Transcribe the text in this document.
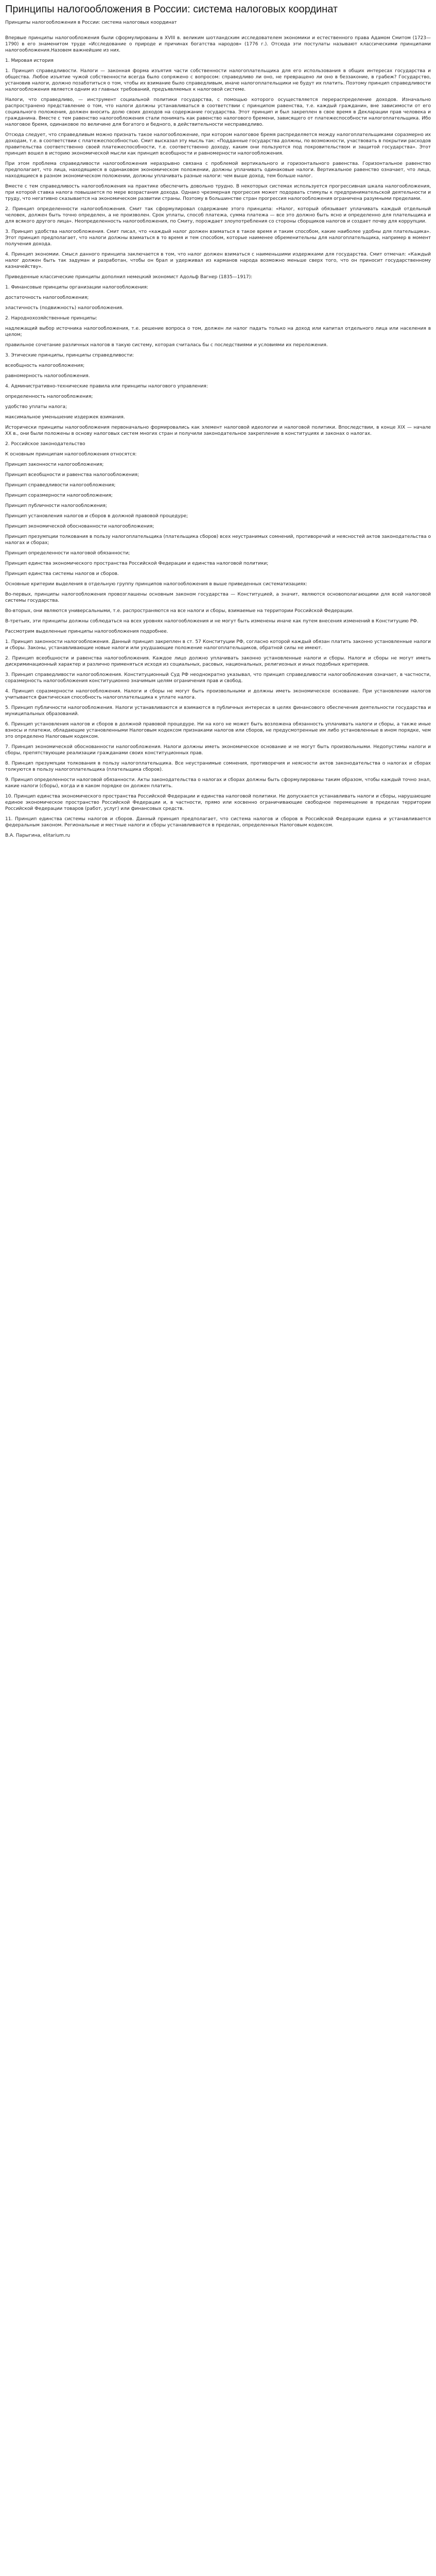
Принципы налогообложения в России: система налоговых координат
Принципы налогообложения в России: система налоговых координат

Впервые принципы налогообложения были сформулированы в XVIII в. великим шотландским исследователем экономики и естественного права Адамом Смитом (1723—1790) в его знаменитом труде «Исследование о природе и причинах богатства народов» (1776 г.). Отсюда эти постулаты называют классическими принципами налогообложения.Назовем важнейшие из них.

1. Мировая история

1. Принцип справедливости. Налоги — законная форма изъятия части собственности налогоплательщика для его использования в общих интересах государства и общества. Любое изъятие чужой собственности всегда было сопряжено с вопросом: справедливо ли оно, не превращено ли оно в беззаконие, в грабеж? Государство, установив налоги, должно позаботиться о том, чтобы их взимание было справедливым, иначе налогоплательщики не будут их платить. Поэтому принцип справедливости налогообложения является одним из главных требований, предъявляемых к налоговой системе.

Налоги, что справедливо, — инструмент социальной политики государства, с помощью которого осуществляется перераспределение доходов. Изначально распространено представление о том, что налоги должны устанавливаться в соответствии с принципом равенства, т.е. каждый гражданин, вне зависимости от его социального положения, должен вносить долю своих доходов на содержание государства. Этот принцип и был закреплен в свое время в Декларации прав человека и гражданина. Вместе с тем равенство налогообложения стали понимать как равенство налогового бремени, зависящего от платежеспособности налогоплательщика. Ибо налоговое бремя, одинаковое по величине для богатого и бедного, в действительности несправедливо.

Отсюда следует, что справедливым можно признать такое налогообложение, при котором налоговое бремя распределяется между налогоплательщиками соразмерно их доходам, т.е. в соответствии с платежеспособностью. Смит высказал эту мысль так: «Подданные государства должны, по возможности, участвовать в покрытии расходов правительства соответственно своей платежеспособности, т.е. соответственно доходу, каким они пользуются под покровительством и защитой государства». Этот принцип вошел в историю экономической мысли как принцип всеобщности и равномерности налогообложения.

При этом проблема справедливости налогообложения неразрывно связана с проблемой вертикального и горизонтального равенства. Горизонтальное равенство предполагает, что лица, находящиеся в одинаковом экономическом положении, должны уплачивать одинаковые налоги. Вертикальное равенство означает, что лица, находящиеся в разном экономическом положении, должны уплачивать разные налоги: чем выше доход, тем больше налог.

Вместе с тем справедливость налогообложения на практике обеспечить довольно трудно. В некоторых системах используется прогрессивная шкала налогообложения, при которой ставка налога повышается по мере возрастания дохода. Однако чрезмерная прогрессия может подорвать стимулы к предпринимательской деятельности и труду, что негативно сказывается на экономическом развитии страны. Поэтому в большинстве стран прогрессия налогообложения ограничена разумными пределами.

2. Принцип определенности налогообложения. Смит так сформулировал содержание этого принципа: «Налог, который обязывает уплачивать каждый отдельный человек, должен быть точно определен, а не произволен. Срок уплаты, способ платежа, сумма платежа — все это должно быть ясно и определенно для плательщика и для всякого другого лица». Неопределенность налогообложения, по Смиту, порождает злоупотребления со стороны сборщиков налогов и создает почву для коррупции.

3. Принцип удобства налогообложения. Смит писал, что «каждый налог должен взиматься в такое время и таким способом, какие наиболее удобны для плательщика». Этот принцип предполагает, что налоги должны взиматься в то время и тем способом, которые наименее обременительны для налогоплательщика, например в момент получения дохода.

4. Принцип экономии. Смысл данного принципа заключается в том, что налог должен взиматься с наименьшими издержками для государства. Смит отмечал: «Каждый налог должен быть так задуман и разработан, чтобы он брал и удерживал из карманов народа возможно меньше сверх того, что он приносит государственному казначейству».

Приведенные классические принципы дополнил немецкий экономист Адольф Вагнер (1835—1917):

1. Финансовые принципы организации налогообложения:

достаточность налогообложения;

эластичность (подвижность) налогообложения.

2. Народнохозяйственные принципы:

надлежащий выбор источника налогообложения, т.е. решение вопроса о том, должен ли налог падать только на доход или капитал отдельного лица или населения в целом;

правильное сочетание различных налогов в такую систему, которая считалась бы с последствиями и условиями их переложения.

3. Этические принципы, принципы справедливости:

всеобщность налогообложения;

равномерность налогообложения.

4. Административно-технические правила или принципы налогового управления:

определенность налогообложения;

удобство уплаты налога;

максимальное уменьшение издержек взимания.

Исторически принципы налогообложения первоначально формировались как элемент налоговой идеологии и налоговой политики. Впоследствии, в конце XIX — начале XX в., они были положены в основу налоговых систем многих стран и получили законодательное закрепление в конституциях и законах о налогах.

2. Российское законодательство

К основным принципам налогообложения относятся:

Принцип законности налогообложения;

Принцип всеобщности и равенства налогообложения;

Принцип справедливости налогообложения;

Принцип соразмерности налогообложения;

Принцип публичности налогообложения;

Принцип установления налогов и сборов в должной правовой процедуре;

Принцип экономической обоснованности налогообложения;

Принцип презумпции толкования в пользу налогоплательщика (плательщика сборов) всех неустранимых сомнений, противоречий и неясностей актов законодательства о налогах и сборах;

Принцип определенности налоговой обязанности;

Принцип единства экономического пространства Российской Федерации и единства налоговой политики;

Принцип единства системы налогов и сборов.

Основные критерии выделения в отдельную группу принципов налогообложения в выше приведенных систематизациях:

Во-первых, принципы налогообложения провозглашены основным законом государства — Конституцией, а значит, являются основополагающими для всей налоговой системы государства.

Во-вторых, они являются универсальными, т.е. распространяются на все налоги и сборы, взимаемые на территории Российской Федерации.

В-третьих, эти принципы должны соблюдаться на всех уровнях налогообложения и не могут быть изменены иначе как путем внесения изменений в Конституцию РФ.

Рассмотрим выделенные принципы налогообложения подробнее.

1. Принцип законности налогообложения. Данный принцип закреплен в ст. 57 Конституции РФ, согласно которой каждый обязан платить законно установленные налоги и сборы. Законы, устанавливающие новые налоги или ухудшающие положение налогоплательщиков, обратной силы не имеют.

2. Принцип всеобщности и равенства налогообложения. Каждое лицо должно уплачивать законно установленные налоги и сборы. Налоги и сборы не могут иметь дискриминационный характер и различно применяться исходя из социальных, расовых, национальных, религиозных и иных подобных критериев.

3. Принцип справедливости налогообложения. Конституционный Суд РФ неоднократно указывал, что принцип справедливости налогообложения означает, в частности, соразмерность налогообложения конституционно значимым целям ограничения прав и свобод.

4. Принцип соразмерности налогообложения. Налоги и сборы не могут быть произвольными и должны иметь экономическое основание. При установлении налогов учитывается фактическая способность налогоплательщика к уплате налога.

5. Принцип публичности налогообложения. Налоги устанавливаются и взимаются в публичных интересах в целях финансового обеспечения деятельности государства и муниципальных образований.

6. Принцип установления налогов и сборов в должной правовой процедуре. Ни на кого не может быть возложена обязанность уплачивать налоги и сборы, а также иные взносы и платежи, обладающие установленными Налоговым кодексом признаками налогов или сборов, не предусмотренные им либо установленные в ином порядке, чем это определено Налоговым кодексом.

7. Принцип экономической обоснованности налогообложения. Налоги должны иметь экономическое основание и не могут быть произвольными. Недопустимы налоги и сборы, препятствующие реализации гражданами своих конституционных прав.

8. Принцип презумпции толкования в пользу налогоплательщика. Все неустранимые сомнения, противоречия и неясности актов законодательства о налогах и сборах толкуются в пользу налогоплательщика (плательщика сборов).

9. Принцип определенности налоговой обязанности. Акты законодательства о налогах и сборах должны быть сформулированы таким образом, чтобы каждый точно знал, какие налоги (сборы), когда и в каком порядке он должен платить.

10. Принцип единства экономического пространства Российской Федерации и единства налоговой политики. Не допускается устанавливать налоги и сборы, нарушающие единое экономическое пространство Российской Федерации и, в частности, прямо или косвенно ограничивающие свободное перемещение в пределах территории Российской Федерации товаров (работ, услуг) или финансовых средств.

11. Принцип единства системы налогов и сборов. Данный принцип предполагает, что система налогов и сборов в Российской Федерации едина и устанавливается федеральным законом. Региональные и местные налоги и сборы устанавливаются в пределах, определенных Налоговым кодексом.

В.А. Парыгина, elitarium.ru
